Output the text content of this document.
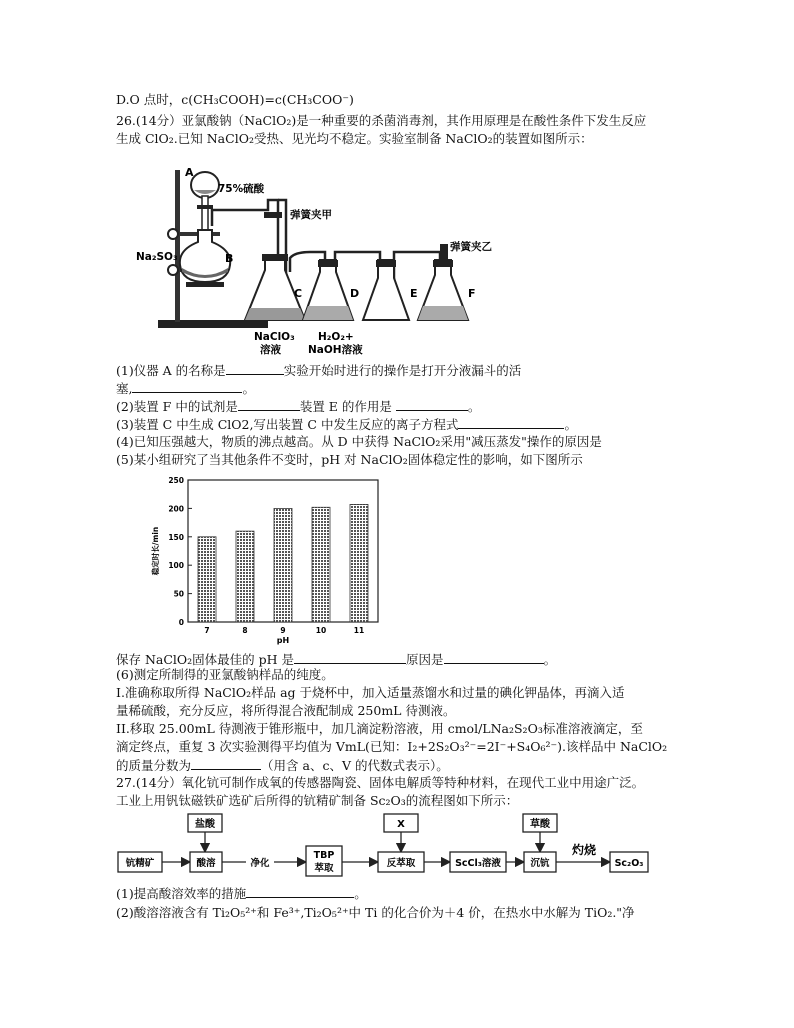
D.O 点时，c(CH₃COOH)=c(CH₃COO⁻)
26.(14分）亚氯酸钠（NaClO₂)是一种重要的杀菌消毒剂，其作用原理是在酸性条件下发生反应
生成 ClO₂.已知 NaClO₂受热、见光均不稳定。实验室制备 NaClO₂的装置如图所示：
A
75%硫酸
弹簧夹甲
弹簧夹乙
Na₂SO₃	B
C	D	E	F
NaClO₃
溶液
H₂O₂+
NaOH溶液
(1)仪器 A 的名称是	实验开始时进行的操作是打开分液漏斗的活
塞,	。
(2)装置 F 中的试剂是	装置 E 的作用是	。
(3)装置 C 中生成 ClO2,写出装置 C 中发生反应的离子方程式	。
(4)已知压强越大，物质的沸点越高。从 D 中获得 NaClO₂采用"减压蒸发"操作的原因是
(5)某小组研究了当其他条件不变时，pH 对 NaClO₂固体稳定性的影响，如下图所示
0
50
100
150
200
250
7	8	9	10	11
pH
稳定时长/min
保存 NaClO₂固体最佳的 pH 是	原因是	。
(6)测定所制得的亚氯酸钠样品的纯度。
I.准确称取所得 NaClO₂样品 ag 于烧杯中，加入适量蒸馏水和过量的碘化钾晶体，再滴入适
量稀硫酸，充分反应，将所得混合液配制成 250mL 待测液。
II.移取 25.00mL 待测液于锥形瓶中，加几滴淀粉溶液，用 cmol/LNa₂S₂O₃标准溶液滴定，至
滴定终点，重复 3 次实验测得平均值为 VmL(已知：I₂+2S₂O₃²⁻=2I⁻+S₄O₆²⁻).该样品中 NaClO₂
的质量分数为	（用含 a、c、V 的代数式表示）。
27.(14分）氧化钪可制作成氧的传感器陶瓷、固体电解质等特种材料，在现代工业中用途广泛。
工业上用钒钛磁铁矿选矿后所得的钪精矿制备 Sc₂O₃的流程图如下所示：
盐酸	X	草酸
钪精矿	酸溶	净化
TBP
萃取	反萃取	ScCl₃溶液	沉钪
灼烧
Sc₂O₃
(1)提高酸溶效率的措施	。
(2)酸溶溶液含有 Ti₂O₅²⁺和 Fe³⁺,Ti₂O₅²⁺中 Ti 的化合价为＋4 价，在热水中水解为 TiO₂."净
